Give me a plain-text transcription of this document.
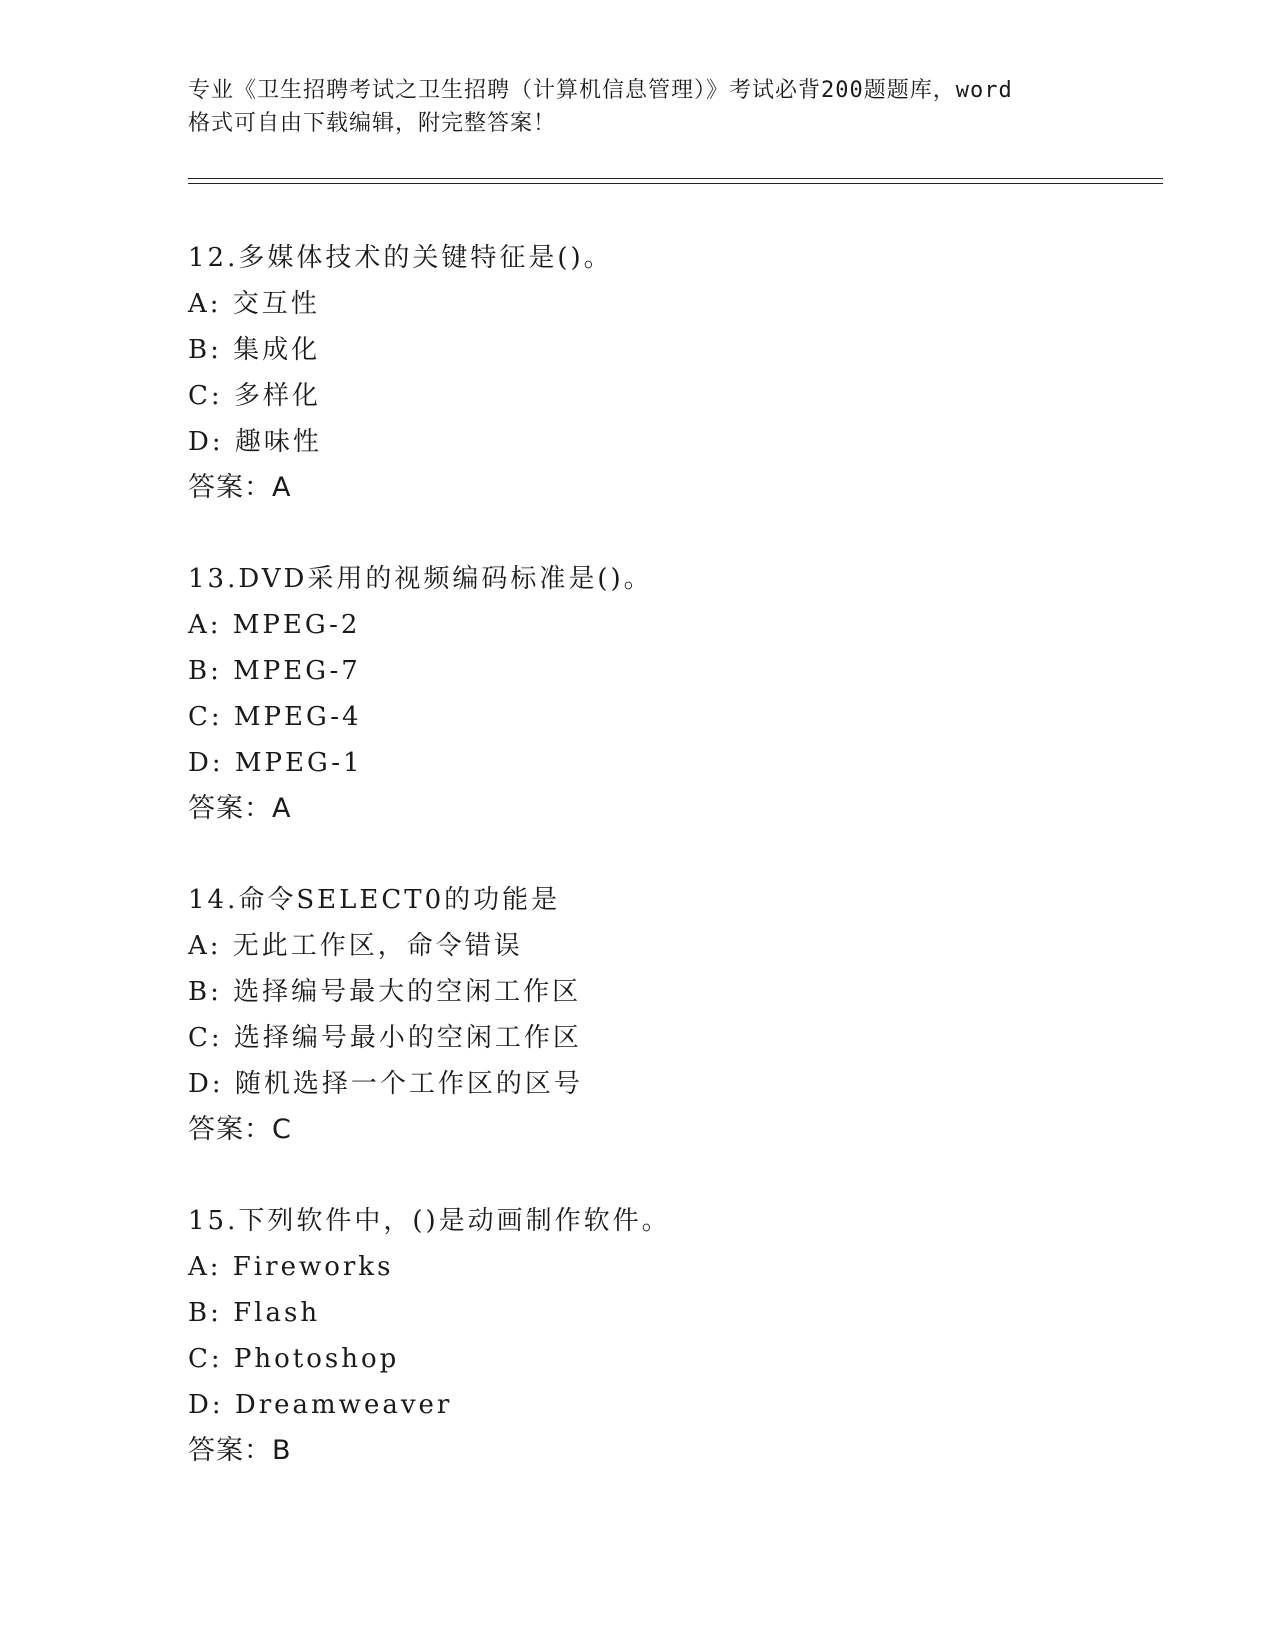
专业《卫生招聘考试之卫生招聘（计算机信息管理）》考试必背200题题库，word
格式可自由下载编辑，附完整答案！
12.多媒体技术的关键特征是()。
A: 交互性
B: 集成化
C: 多样化
D: 趣味性
答案：A
13.DVD采用的视频编码标准是()。
A: MPEG-2
B: MPEG-7
C: MPEG-4
D: MPEG-1
答案：A
14.命令SELECT0的功能是
A: 无此工作区，命令错误
B: 选择编号最大的空闲工作区
C: 选择编号最小的空闲工作区
D: 随机选择一个工作区的区号
答案：C
15.下列软件中，()是动画制作软件。
A: Fireworks
B: Flash
C: Photoshop
D: Dreamweaver
答案：B
